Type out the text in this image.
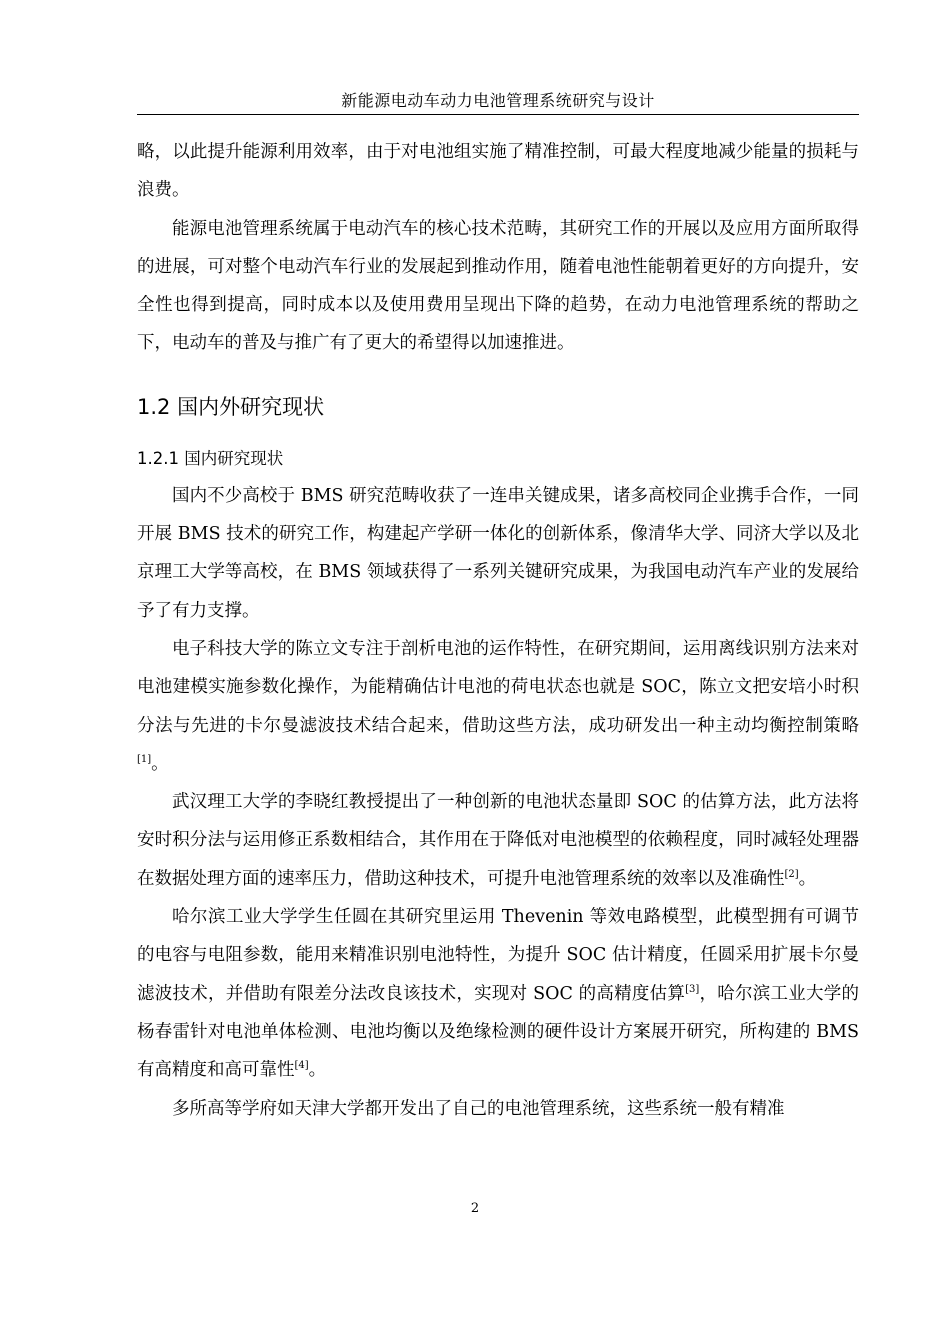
新能源电动车动力电池管理系统研究与设计

略，以此提升能源利用效率，由于对电池组实施了精准控制，可最大程度地减少能量的损耗与浪费。

能源电池管理系统属于电动汽车的核心技术范畴，其研究工作的开展以及应用方面所取得的进展，可对整个电动汽车行业的发展起到推动作用，随着电池性能朝着更好的方向提升，安全性也得到提高，同时成本以及使用费用呈现出下降的趋势，在动力电池管理系统的帮助之下，电动车的普及与推广有了更大的希望得以加速推进。

1.2 国内外研究现状
1.2.1 国内研究现状

国内不少高校于 BMS 研究范畴收获了一连串关键成果，诸多高校同企业携手合作，一同开展 BMS 技术的研究工作，构建起产学研一体化的创新体系，像清华大学、同济大学以及北京理工大学等高校，在 BMS 领域获得了一系列关键研究成果，为我国电动汽车产业的发展给予了有力支撑。

电子科技大学的陈立文专注于剖析电池的运作特性，在研究期间，运用离线识别方法来对电池建模实施参数化操作，为能精确估计电池的荷电状态也就是 SOC，陈立文把安培小时积分法与先进的卡尔曼滤波技术结合起来，借助这些方法，成功研发出一种主动均衡控制策略[1]。

武汉理工大学的李晓红教授提出了一种创新的电池状态量即 SOC 的估算方法，此方法将安时积分法与运用修正系数相结合，其作用在于降低对电池模型的依赖程度，同时减轻处理器在数据处理方面的速率压力，借助这种技术，可提升电池管理系统的效率以及准确性[2]。

哈尔滨工业大学学生任圆在其研究里运用 Thevenin 等效电路模型，此模型拥有可调节的电容与电阻参数，能用来精准识别电池特性，为提升 SOC 估计精度，任圆采用扩展卡尔曼滤波技术，并借助有限差分法改良该技术，实现对 SOC 的高精度估算[3]，哈尔滨工业大学的杨春雷针对电池单体检测、电池均衡以及绝缘检测的硬件设计方案展开研究，所构建的 BMS 有高精度和高可靠性[4]。

多所高等学府如天津大学都开发出了自己的电池管理系统，这些系统一般有精准

2
